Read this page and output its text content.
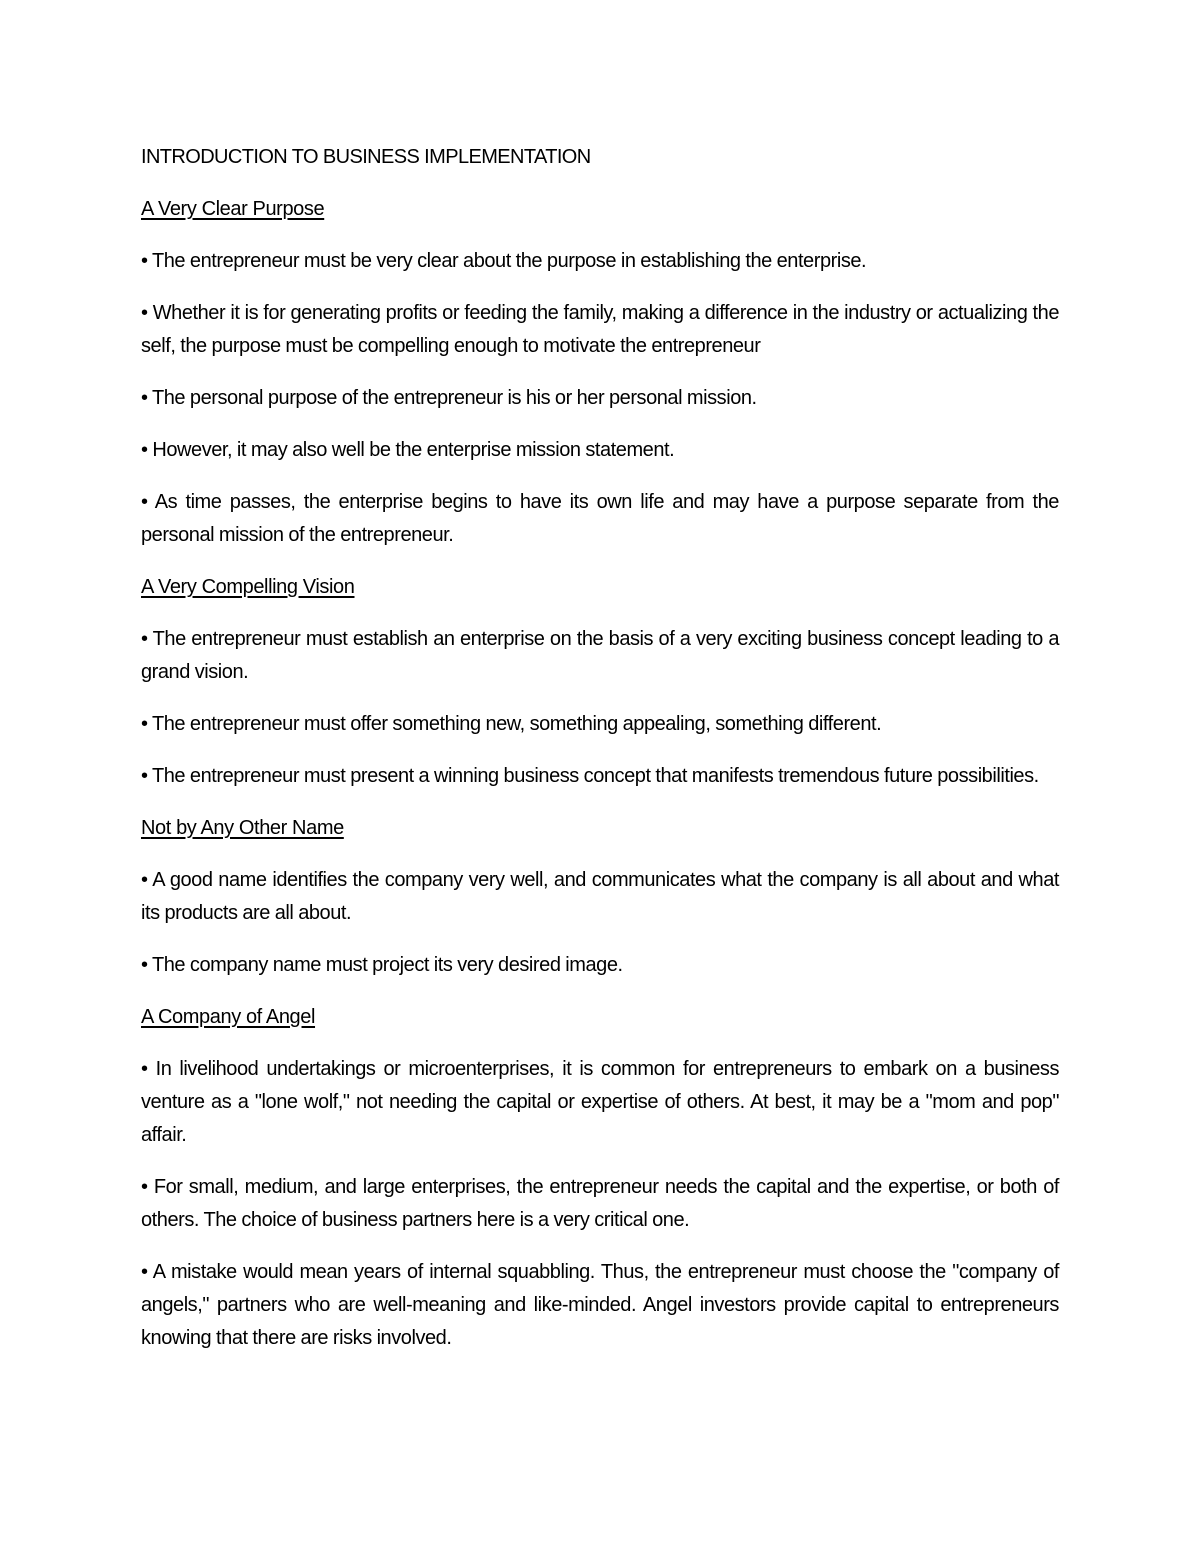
INTRODUCTION TO BUSINESS IMPLEMENTATION
A Very Clear Purpose

• The entrepreneur must be very clear about the purpose in establishing the enterprise.

• Whether it is for generating profits or feeding the family, making a difference in the industry or actualizing the self, the purpose must be compelling enough to motivate the entrepreneur

• The personal purpose of the entrepreneur is his or her personal mission.

• However, it may also well be the enterprise mission statement.

• As time passes, the enterprise begins to have its own life and may have a purpose separate from the personal mission of the entrepreneur.

A Very Compelling Vision

• The entrepreneur must establish an enterprise on the basis of a very exciting business concept leading to a grand vision.

• The entrepreneur must offer something new, something appealing, something different.

• The entrepreneur must present a winning business concept that manifests tremendous future possibilities.

Not by Any Other Name

• A good name identifies the company very well, and communicates what the company is all about and what its products are all about.

• The company name must project its very desired image.

A Company of Angel

• In livelihood undertakings or microenterprises, it is common for entrepreneurs to embark on a business venture as a "lone wolf," not needing the capital or expertise of others. At best, it may be a "mom and pop" affair.

• For small, medium, and large enterprises, the entrepreneur needs the capital and the expertise, or both of others. The choice of business partners here is a very critical one.

• A mistake would mean years of internal squabbling. Thus, the entrepreneur must choose the "company of angels," partners who are well-meaning and like-minded. Angel investors provide capital to entrepreneurs knowing that there are risks involved.
